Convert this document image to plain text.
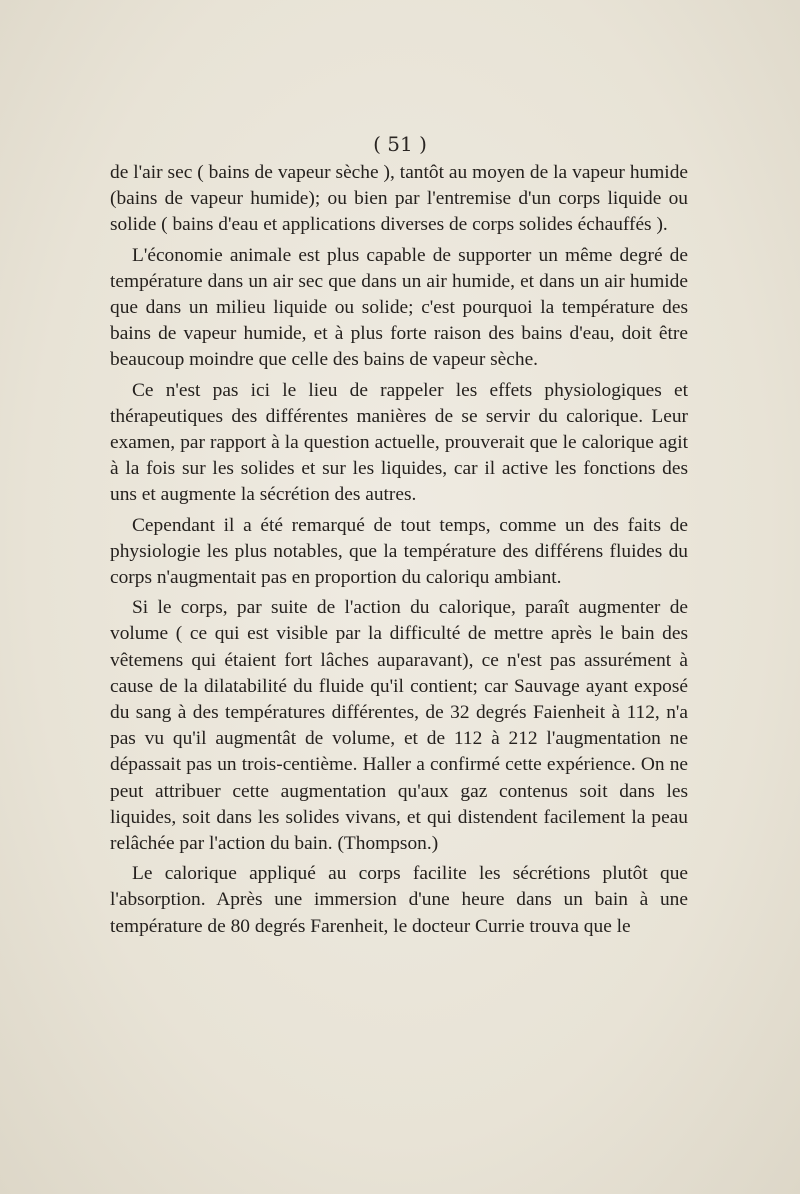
( 51 )

de l'air sec ( bains de vapeur sèche ), tantôt au moyen de la vapeur humide (bains de vapeur humide); ou bien par l'entremise d'un corps liquide ou solide ( bains d'eau et applications diverses de corps solides échauffés ).

L'économie animale est plus capable de supporter un même degré de température dans un air sec que dans un air humide, et dans un air humide que dans un milieu liquide ou solide; c'est pourquoi la température des bains de vapeur humide, et à plus forte raison des bains d'eau, doit être beaucoup moindre que celle des bains de vapeur sèche.

Ce n'est pas ici le lieu de rappeler les effets physiologiques et thérapeutiques des différentes manières de se servir du calorique. Leur examen, par rapport à la question actuelle, prouverait que le calorique agit à la fois sur les solides et sur les liquides, car il active les fonctions des uns et augmente la sécrétion des autres.

Cependant il a été remarqué de tout temps, comme un des faits de physiologie les plus notables, que la température des différens fluides du corps n'augmentait pas en proportion du caloriqu ambiant.

Si le corps, par suite de l'action du calorique, paraît augmenter de volume ( ce qui est visible par la difficulté de mettre après le bain des vêtemens qui étaient fort lâches auparavant), ce n'est pas assurément à cause de la dilatabilité du fluide qu'il contient; car Sauvage ayant exposé du sang à des températures différentes, de 32 degrés Faienheit à 112, n'a pas vu qu'il augmentât de volume, et de 112 à 212 l'augmentation ne dépassait pas un trois-centième. Haller a confirmé cette expérience. On ne peut attribuer cette augmentation qu'aux gaz contenus soit dans les liquides, soit dans les solides vivans, et qui distendent facilement la peau relâchée par l'action du bain. (Thompson.)

Le calorique appliqué au corps facilite les sécrétions plutôt que l'absorption. Après une immersion d'une heure dans un bain à une température de 80 degrés Farenheit, le docteur Currie trouva que le
